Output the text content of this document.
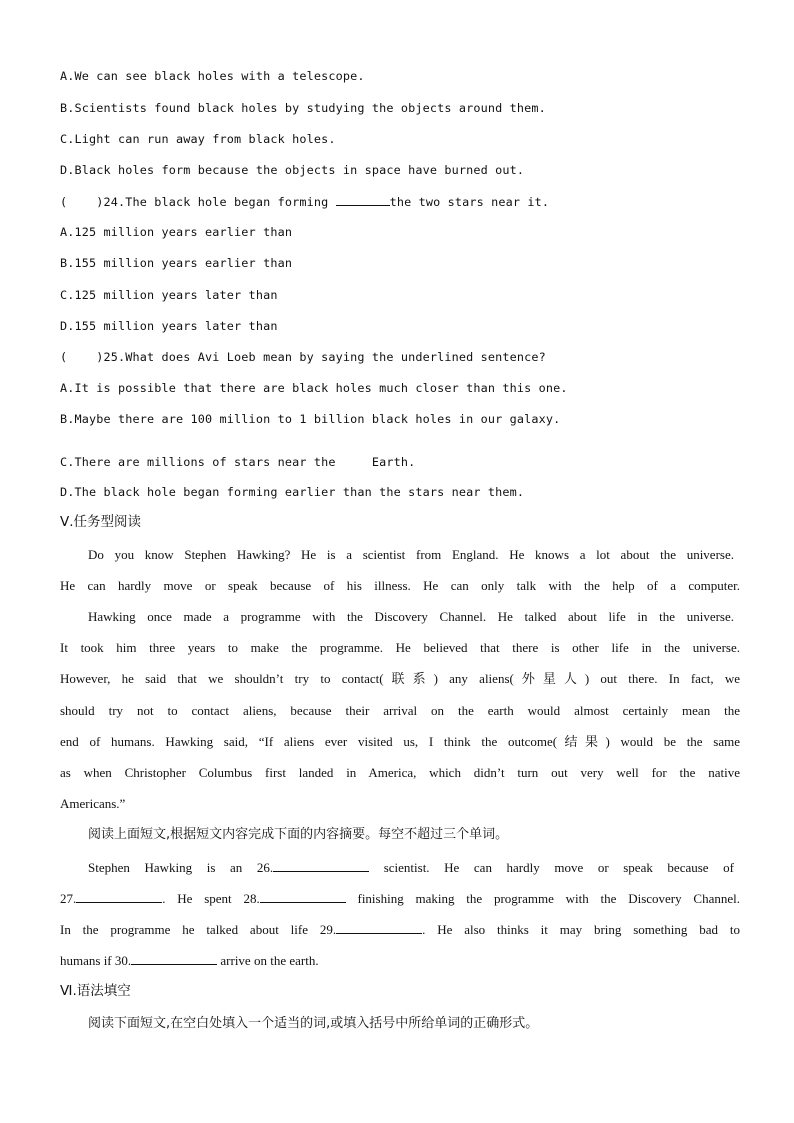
A.We can see black holes with a telescope.
B.Scientists found black holes by studying the objects around them.
C.Light can run away from black holes.
D.Black holes form because the objects in space have burned out.
(    )24.The black hole began forming	the two stars near it.
A.125 million years earlier than
B.155 million years earlier than
C.125 million years later than
D.155 million years later than
(    )25.What does Avi Loeb mean by saying the underlined sentence?
A.It is possible that there are black holes much closer than this one.
B.Maybe there are 100 million to 1 billion black holes in our galaxy.
C.There are millions of stars near the     Earth.
D.The black hole began forming earlier than the stars near them.
Ⅴ.任务型阅读
Do you know Stephen Hawking? He is a scientist from England. He knows a lot about the universe.
He can hardly move or speak because of his illness. He can only talk with the help of a computer.
Hawking once made a programme with the Discovery Channel. He talked about life in the universe.
It took him three years to make the programme. He believed that there is other life in the universe.
However, he said that we shouldn’t try to contact(联系) any aliens(外星人) out there. In fact, we
should try not to contact aliens, because their arrival on the earth would almost certainly mean the
end of humans. Hawking said, “If aliens ever visited us, I think the outcome(结果) would be the same
as when Christopher Columbus first landed in America, which didn’t turn out very well for the native
Americans.”
阅读上面短文,根据短文内容完成下面的内容摘要。每空不超过三个单词。
Stephen Hawking is an 26.	scientist. He can hardly move or speak because of
27.	. He spent 28.	finishing making the programme with the Discovery Channel.
In the programme he talked about life 29.	. He also thinks it may bring something bad to
humans if 30.	arrive on the earth.
Ⅵ.语法填空
阅读下面短文,在空白处填入一个适当的词,或填入括号中所给单词的正确形式。
